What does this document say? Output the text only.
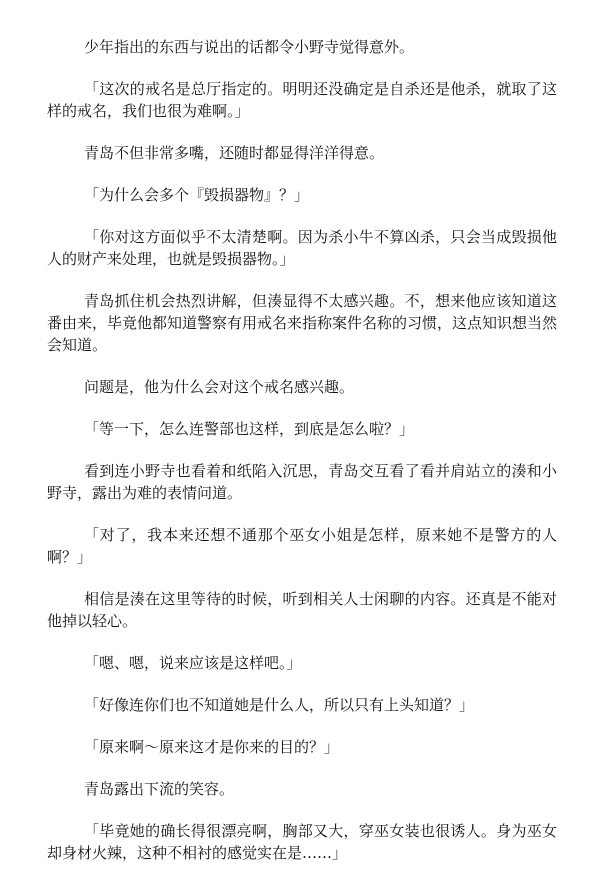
少年指出的东西与说出的话都令小野寺觉得意外。

「这次的戒名是总厅指定的。明明还没确定是自杀还是他杀，就取了这样的戒名，我们也很为难啊。」

青岛不但非常多嘴，还随时都显得洋洋得意。

「为什么会多个『毁损器物』？」

「你对这方面似乎不太清楚啊。因为杀小牛不算凶杀，只会当成毁损他人的财产来处理，也就是毁损器物。」

青岛抓住机会热烈讲解，但湊显得不太感兴趣。不，想来他应该知道这番由来，毕竟他都知道警察有用戒名来指称案件名称的习惯，这点知识想当然会知道。

问题是，他为什么会对这个戒名感兴趣。

「等一下，怎么连警部也这样，到底是怎么啦？」

看到连小野寺也看着和纸陷入沉思，青岛交互看了看并肩站立的湊和小野寺，露出为难的表情问道。

「对了，我本来还想不通那个巫女小姐是怎样，原来她不是警方的人啊？」

相信是湊在这里等待的时候，听到相关人士闲聊的内容。还真是不能对他掉以轻心。

「嗯、嗯，说来应该是这样吧。」

「好像连你们也不知道她是什么人，所以只有上头知道？」

「原来啊～原来这才是你来的目的？」

青岛露出下流的笑容。

「毕竟她的确长得很漂亮啊，胸部又大，穿巫女装也很诱人。身为巫女却身材火辣，这种不相衬的感觉实在是……」
